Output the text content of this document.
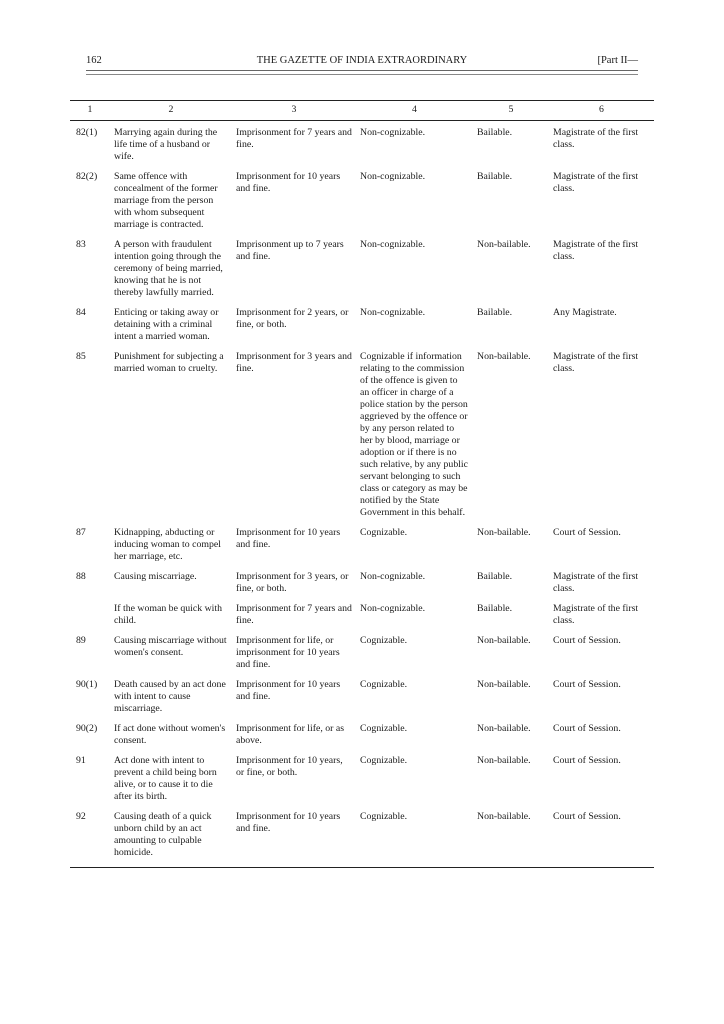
162	THE GAZETTE OF INDIA EXTRAORDINARY	[Part II—
1	2	3	4	5	6
82(1)	Marrying again during the life time of a husband or wife.	Imprisonment for 7 years and fine.	Non-cognizable.	Bailable.	Magistrate of the first class.
82(2)	Same offence with concealment of the former marriage from the person with whom subsequent marriage is contracted.	Imprisonment for 10 years and fine.	Non-cognizable.	Bailable.	Magistrate of the first class.
83	A person with fraudulent intention going through the ceremony of being married, knowing that he is not thereby lawfully married.	Imprisonment up to 7 years and fine.	Non-cognizable.	Non-bailable.	Magistrate of the first class.
84	Enticing or taking away or detaining with a criminal intent a married woman.	Imprisonment for 2 years, or fine, or both.	Non-cognizable.	Bailable.	Any Magistrate.
85	Punishment for subjecting a married woman to cruelty.	Imprisonment for 3 years and fine.	Cognizable if information relating to the commission of the offence is given to an officer in charge of a police station by the person aggrieved by the offence or by any person related to her by blood, marriage or adoption or if there is no such relative, by any public servant belonging to such class or category as may be notified by the State Government in this behalf.	Non-bailable.	Magistrate of the first class.
87	Kidnapping, abducting or inducing woman to compel her marriage, etc.	Imprisonment for 10 years and fine.	Cognizable.	Non-bailable.	Court of Session.
88	Causing miscarriage.	Imprisonment for 3 years, or fine, or both.	Non-cognizable.	Bailable.	Magistrate of the first class.
	If the woman be quick with child.	Imprisonment for 7 years and fine.	Non-cognizable.	Bailable.	Magistrate of the first class.
89	Causing miscarriage without women's consent.	Imprisonment for life, or imprisonment for 10 years and fine.	Cognizable.	Non-bailable.	Court of Session.
90(1)	Death caused by an act done with intent to cause miscarriage.	Imprisonment for 10 years and fine.	Cognizable.	Non-bailable.	Court of Session.
90(2)	If act done without women's consent.	Imprisonment for life, or as above.	Cognizable.	Non-bailable.	Court of Session.
91	Act done with intent to prevent a child being born alive, or to cause it to die after its birth.	Imprisonment for 10 years, or fine, or both.	Cognizable.	Non-bailable.	Court of Session.
92	Causing death of a quick unborn child by an act amounting to culpable homicide.	Imprisonment for 10 years and fine.	Cognizable.	Non-bailable.	Court of Session.
